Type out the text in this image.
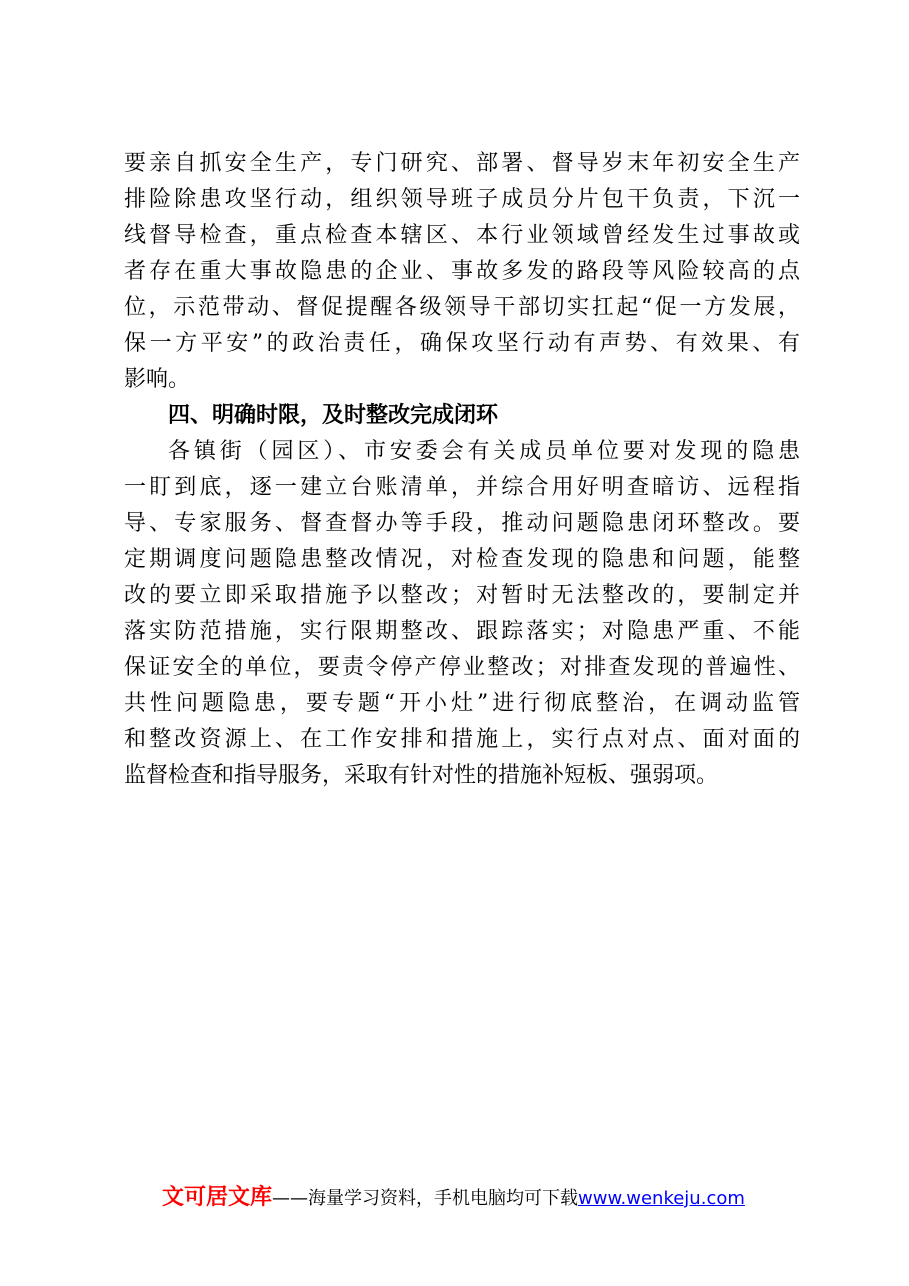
要亲自抓安全生产，专门研究、部署、督导岁末年初安全生产
排险除患攻坚行动，组织领导班子成员分片包干负责，下沉一
线督导检查，重点检查本辖区、本行业领域曾经发生过事故或
者存在重大事故隐患的企业、事故多发的路段等风险较高的点
位，示范带动、督促提醒各级领导干部切实扛起“促一方发展，
保一方平安”的政治责任，确保攻坚行动有声势、有效果、有
影响。
四、明确时限，及时整改完成闭环
各镇街（园区）、市安委会有关成员单位要对发现的隐患
一盯到底，逐一建立台账清单，并综合用好明查暗访、远程指
导、专家服务、督查督办等手段，推动问题隐患闭环整改。要
定期调度问题隐患整改情况，对检查发现的隐患和问题，能整
改的要立即采取措施予以整改；对暂时无法整改的，要制定并
落实防范措施，实行限期整改、跟踪落实；对隐患严重、不能
保证安全的单位，要责令停产停业整改；对排查发现的普遍性、
共性问题隐患，要专题“开小灶”进行彻底整治，在调动监管
和整改资源上、在工作安排和措施上，实行点对点、面对面的
监督检查和指导服务，采取有针对性的措施补短板、强弱项。
文可居文库——海量学习资料，手机电脑均可下载www.wenkeju.com
